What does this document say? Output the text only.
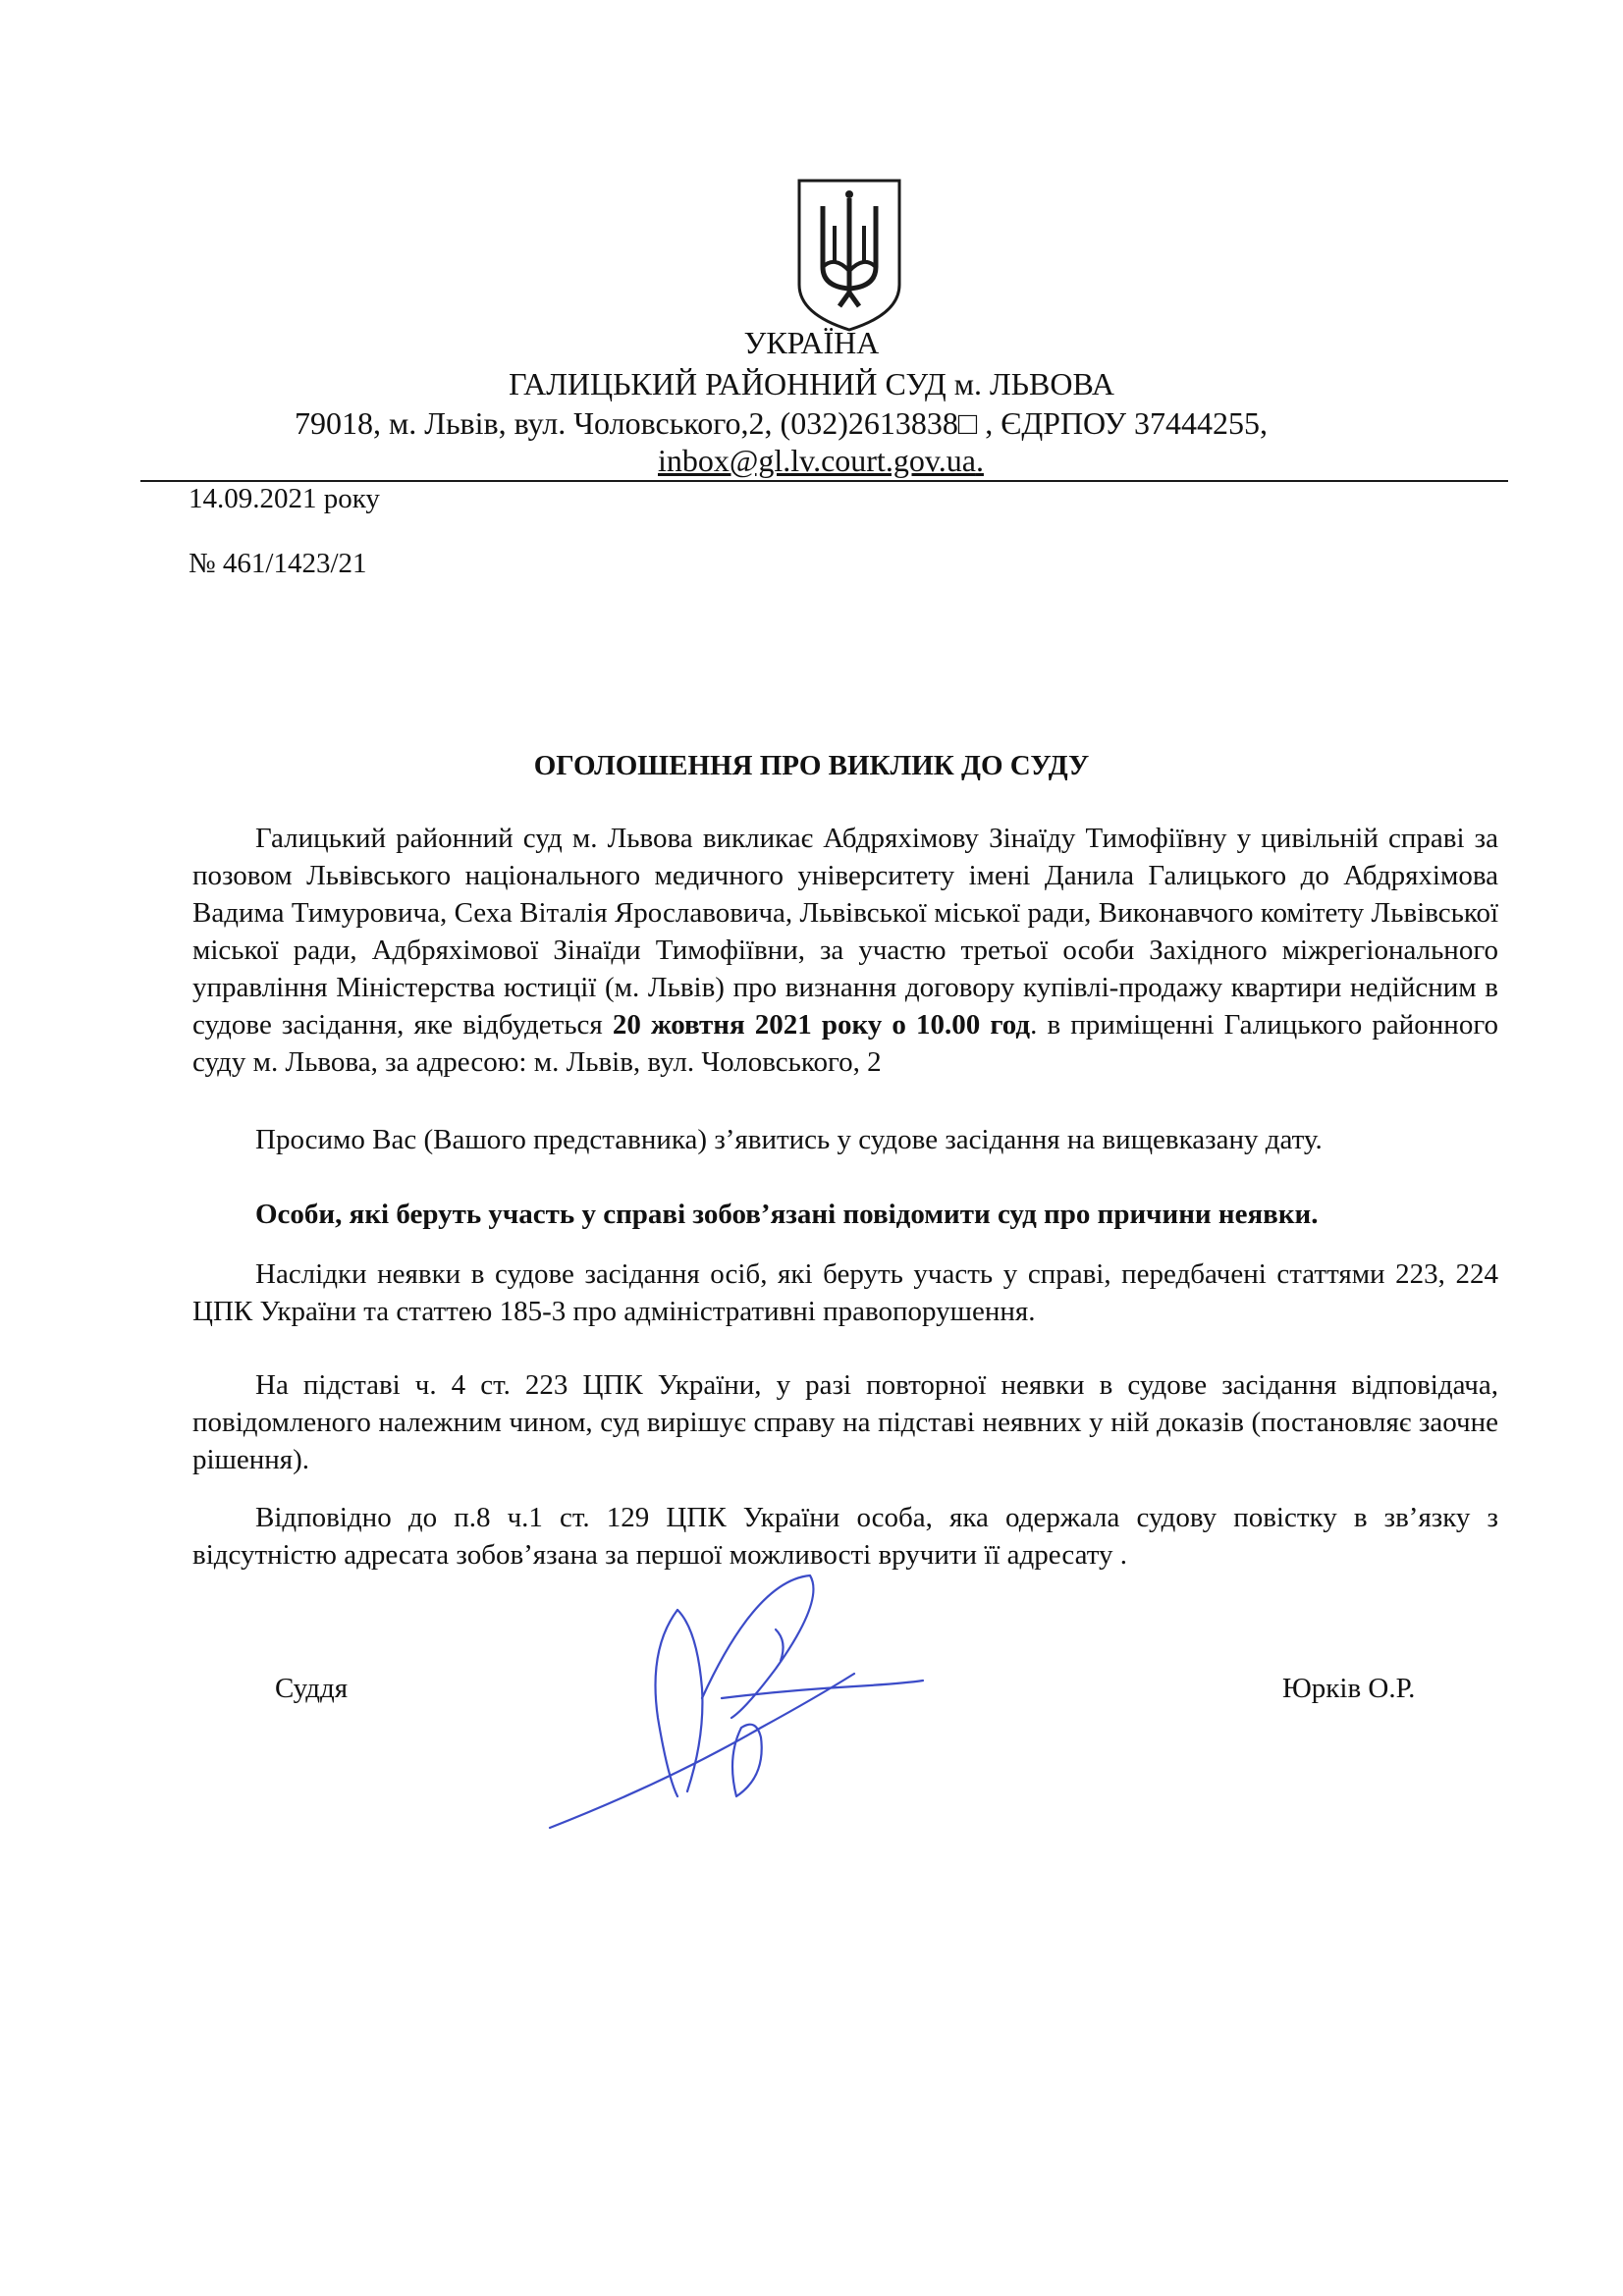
УКРАЇНА
ГАЛИЦЬКИЙ РАЙОННИЙ СУД м. ЛЬВОВА
79018, м. Львів, вул. Чоловського,2, (032)2613838□ , ЄДРПОУ 37444255,
inbox@gl.lv.court.gov.ua.
14.09.2021 року
№ 461/1423/21
ОГОЛОШЕННЯ ПРО ВИКЛИК ДО СУДУ
Галицький районний суд м. Львова викликає Абдряхімову Зінаїду Тимофіївну у цивільній справі за позовом Львівського національного медичного університету імені Данила Галицького до Абдряхімова Вадима Тимуровича, Сеха Віталія Ярославовича, Львівської міської ради, Виконавчого комітету Львівської міської ради, Адбряхімової Зінаїди Тимофіївни, за участю третьої особи Західного міжрегіонального управління Міністерства юстиції (м. Львів) про визнання договору купівлі-продажу квартири недійсним в судове засідання, яке відбудеться 20 жовтня 2021 року о 10.00 год. в приміщенні Галицького районного суду м. Львова, за адресою: м. Львів, вул. Чоловського, 2
Просимо Вас (Вашого представника) з’явитись у судове засідання на вищевказану дату.
Особи, які беруть участь у справі зобов’язані повідомити суд про причини неявки.
Наслідки неявки в судове засідання осіб, які беруть участь у справі, передбачені статтями 223, 224 ЦПК України та статтею 185-3 про адміністративні правопорушення.
На підставі ч. 4 ст. 223 ЦПК України, у разі повторної неявки в судове засідання відповідача, повідомленого належним чином, суд вирішує справу на підставі неявних у ній доказів (постановляє заочне рішення).
Відповідно до п.8 ч.1 ст. 129 ЦПК України особа, яка одержала судову повістку в зв’язку з відсутністю адресата зобов’язана за першої можливості вручити її адресату .
Суддя	Юрків О.Р.
